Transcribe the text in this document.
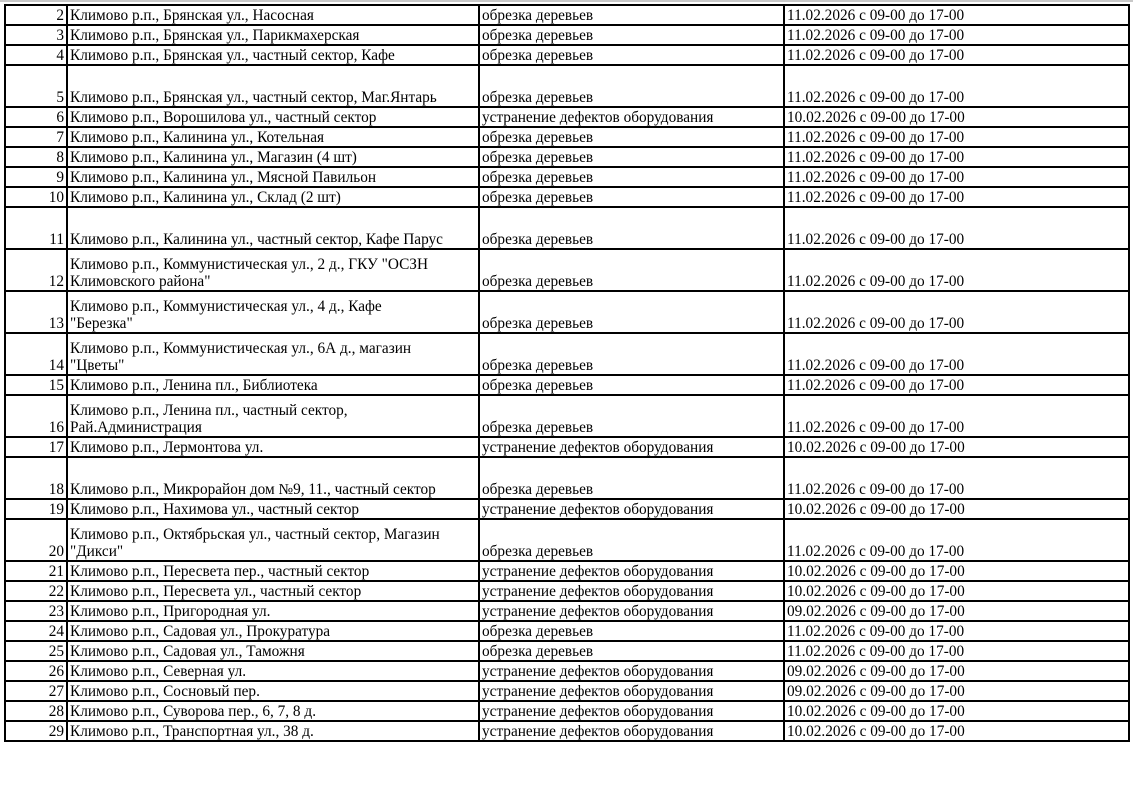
2	Климово р.п., Брянская ул., Насосная	обрезка деревьев	11.02.2026 с 09-00 до 17-00
3	Климово р.п., Брянская ул., Парикмахерская	обрезка деревьев	11.02.2026 с 09-00 до 17-00
4	Климово р.п., Брянская ул., частный сектор, Кафе	обрезка деревьев	11.02.2026 с 09-00 до 17-00
5	Климово р.п., Брянская ул., частный сектор, Маг.Янтарь	обрезка деревьев	11.02.2026 с 09-00 до 17-00
6	Климово р.п., Ворошилова ул., частный сектор	устранение дефектов оборудования	10.02.2026 с 09-00 до 17-00
7	Климово р.п., Калинина ул., Котельная	обрезка деревьев	11.02.2026 с 09-00 до 17-00
8	Климово р.п., Калинина ул., Магазин (4 шт)	обрезка деревьев	11.02.2026 с 09-00 до 17-00
9	Климово р.п., Калинина ул., Мясной Павильон	обрезка деревьев	11.02.2026 с 09-00 до 17-00
10	Климово р.п., Калинина ул., Склад (2 шт)	обрезка деревьев	11.02.2026 с 09-00 до 17-00
11	Климово р.п., Калинина ул., частный сектор, Кафе Парус	обрезка деревьев	11.02.2026 с 09-00 до 17-00
12	Климово р.п., Коммунистическая ул., 2 д., ГКУ "ОСЗН
Климовского района"	обрезка деревьев	11.02.2026 с 09-00 до 17-00
13	Климово р.п., Коммунистическая ул., 4 д., Кафе
"Березка"	обрезка деревьев	11.02.2026 с 09-00 до 17-00
14	Климово р.п., Коммунистическая ул., 6А д., магазин
"Цветы"	обрезка деревьев	11.02.2026 с 09-00 до 17-00
15	Климово р.п., Ленина пл., Библиотека	обрезка деревьев	11.02.2026 с 09-00 до 17-00
16	Климово р.п., Ленина пл., частный сектор,
Рай.Администрация	обрезка деревьев	11.02.2026 с 09-00 до 17-00
17	Климово р.п., Лермонтова ул.	устранение дефектов оборудования	10.02.2026 с 09-00 до 17-00
18	Климово р.п., Микрорайон дом №9, 11., частный сектор	обрезка деревьев	11.02.2026 с 09-00 до 17-00
19	Климово р.п., Нахимова ул., частный сектор	устранение дефектов оборудования	10.02.2026 с 09-00 до 17-00
20	Климово р.п., Октябрьская ул., частный сектор, Магазин
"Дикси"	обрезка деревьев	11.02.2026 с 09-00 до 17-00
21	Климово р.п., Пересвета пер., частный сектор	устранение дефектов оборудования	10.02.2026 с 09-00 до 17-00
22	Климово р.п., Пересвета ул., частный сектор	устранение дефектов оборудования	10.02.2026 с 09-00 до 17-00
23	Климово р.п., Пригородная ул.	устранение дефектов оборудования	09.02.2026 с 09-00 до 17-00
24	Климово р.п., Садовая ул., Прокуратура	обрезка деревьев	11.02.2026 с 09-00 до 17-00
25	Климово р.п., Садовая ул., Таможня	обрезка деревьев	11.02.2026 с 09-00 до 17-00
26	Климово р.п., Северная ул.	устранение дефектов оборудования	09.02.2026 с 09-00 до 17-00
27	Климово р.п., Сосновый пер.	устранение дефектов оборудования	09.02.2026 с 09-00 до 17-00
28	Климово р.п., Суворова пер., 6, 7, 8 д.	устранение дефектов оборудования	10.02.2026 с 09-00 до 17-00
29	Климово р.п., Транспортная ул., 38 д.	устранение дефектов оборудования	10.02.2026 с 09-00 до 17-00
